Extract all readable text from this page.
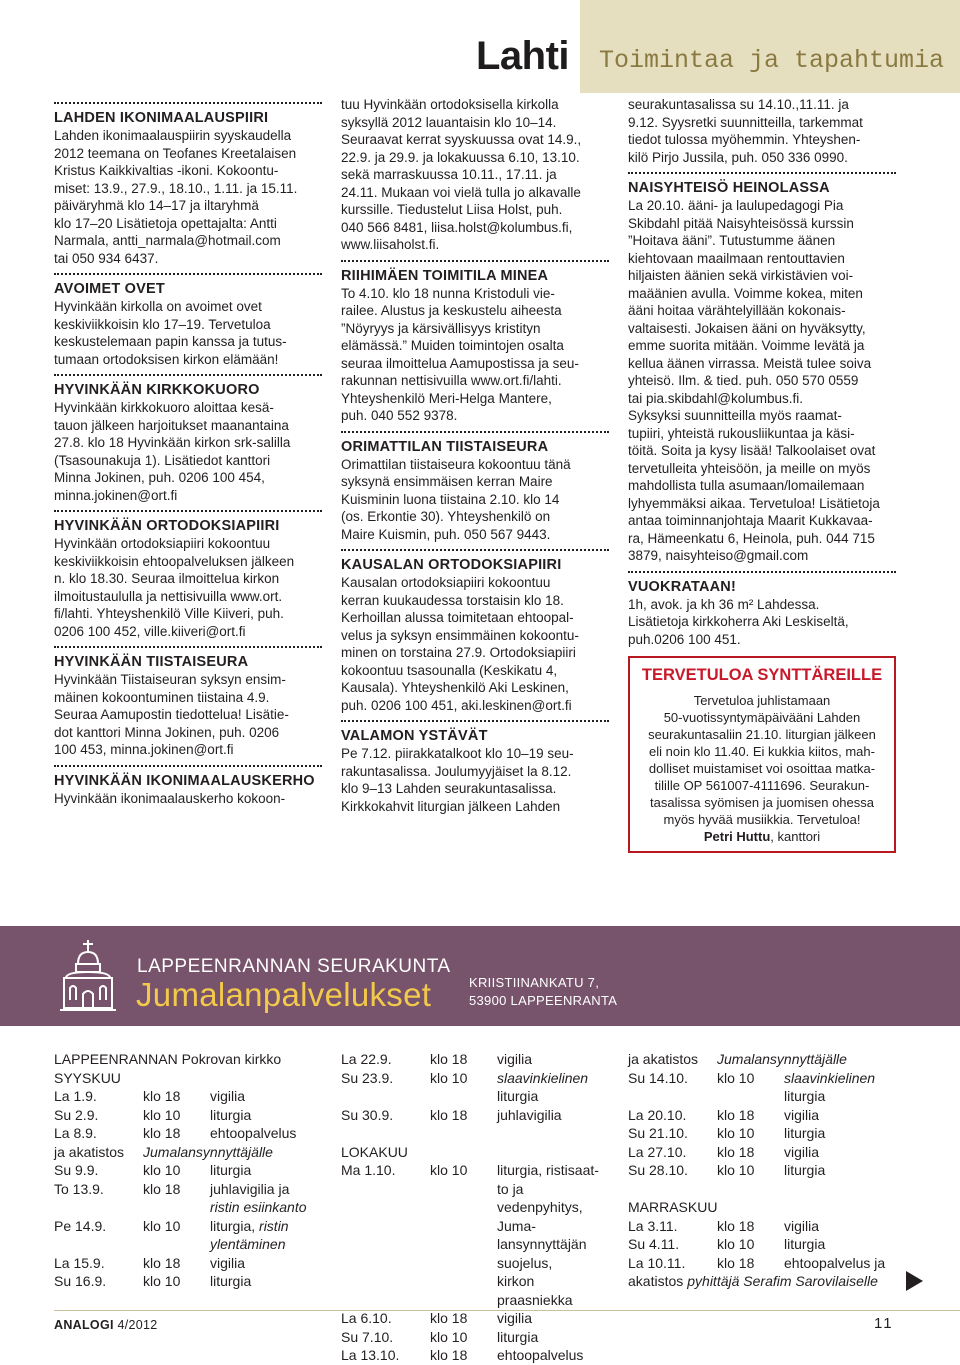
Lahti Toimintaa ja tapahtumia
LAHDEN IKONIMAALAUSPIIRI
Lahden ikonimaalauspiirin syyskaudella
2012 teemana on Teofanes Kreetalaisen
Kristus Kaikkivaltias -ikoni. Kokoontu-
miset: 13.9., 27.9., 18.10., 1.11. ja 15.11.
päiväryhmä klo 14–17 ja iltaryhmä
klo 17–20 Lisätietoja opettajalta: Antti
Narmala, antti_narmala@hotmail.com
tai 050 934 6437.
AVOIMET OVET
Hyvinkään kirkolla on avoimet ovet
keskiviikkoisin klo 17–19. Tervetuloa
keskustelemaan papin kanssa ja tutus-
tumaan ortodoksisen kirkon elämään!
HYVINKÄÄN KIRKKOKUORO
Hyvinkään kirkkokuoro aloittaa kesä-
tauon jälkeen harjoitukset maanantaina
27.8. klo 18 Hyvinkään kirkon srk-salilla
(Tsasounakuja 1). Lisätiedot kanttori
Minna Jokinen, puh. 0206 100 454,
minna.jokinen@ort.fi
HYVINKÄÄN ORTODOKSIAPIIRI
Hyvinkään ortodoksiapiiri kokoontuu
keskiviikkoisin ehtoopalveluksen jälkeen
n. klo 18.30. Seuraa ilmoittelua kirkon
ilmoitustaululla ja nettisivuilla www.ort.
fi/lahti. Yhteyshenkilö Ville Kiiveri, puh.
0206 100 452, ville.kiiveri@ort.fi
HYVINKÄÄN TIISTAISEURA
Hyvinkään Tiistaiseuran syksyn ensim-
mäinen kokoontuminen tiistaina 4.9.
Seuraa Aamupostin tiedottelua! Lisätie-
dot kanttori Minna Jokinen, puh. 0206
100 453, minna.jokinen@ort.fi
HYVINKÄÄN IKONIMAALAUSKERHO
Hyvinkään ikonimaalauskerho kokoon-
tuu Hyvinkään ortodoksisella kirkolla
syksyllä 2012 lauantaisin klo 10–14.
Seuraavat kerrat syyskuussa ovat 14.9.,
22.9. ja 29.9. ja lokakuussa 6.10, 13.10.
sekä marraskuussa 10.11., 17.11. ja
24.11. Mukaan voi vielä tulla jo alkavalle
kurssille. Tiedustelut Liisa Holst, puh.
040 566 8481, liisa.holst@kolumbus.fi,
www.liisaholst.fi.
RIIHIMÄEN TOIMITILA MINEA
To 4.10. klo 18 nunna Kristoduli vie-
railee. Alustus ja keskustelu aiheesta
”Nöyryys ja kärsivällisyys kristityn
elämässä.” Muiden toimintojen osalta
seuraa ilmoittelua Aamupostissa ja seu-
rakunnan nettisivuilla www.ort.fi/lahti.
Yhteyshenkilö Meri-Helga Mantere,
puh. 040 552 9378.
ORIMATTILAN TIISTAISEURA
Orimattilan tiistaiseura kokoontuu tänä
syksynä ensimmäisen kerran Maire
Kuisminin luona tiistaina 2.10. klo 14
(os. Erkontie 30). Yhteyshenkilö on
Maire Kuismin, puh. 050 567 9443.
KAUSALAN ORTODOKSIAPIIRI
Kausalan ortodoksiapiiri kokoontuu
kerran kuukaudessa torstaisin klo 18.
Kerhoillan alussa toimitetaan ehtoopal-
velus ja syksyn ensimmäinen kokoontu-
minen on torstaina 27.9. Ortodoksiapiiri
kokoontuu tsasounalla (Keskikatu 4,
Kausala). Yhteyshenkilö Aki Leskinen,
puh. 0206 100 451, aki.leskinen@ort.fi
VALAMON YSTÄVÄT
Pe 7.12. piirakkatalkoot klo 10–19 seu-
rakuntasalissa. Joulumyyjäiset la 8.12.
klo 9–13 Lahden seurakuntasalissa.
Kirkkokahvit liturgian jälkeen Lahden
seurakuntasalissa su 14.10.,11.11. ja
9.12. Syysretki suunnitteilla, tarkemmat
tiedot tulossa myöhemmin. Yhteyshen-
kilö Pirjo Jussila, puh. 050 336 0990.
NAISYHTEISÖ HEINOLASSA
La 20.10. ääni- ja laulupedagogi Pia
Skibdahl pitää Naisyhteisössä kurssin
”Hoitava ääni”. Tutustumme äänen
kiehtovaan maailmaan rentouttavien
hiljaisten äänien sekä virkistävien voi-
maäänien avulla. Voimme kokea, miten
ääni hoitaa värähtelyillään kokonais-
valtaisesti. Jokaisen ääni on hyväksytty,
emme suorita mitään. Voimme levätä ja
kellua äänen virrassa. Meistä tulee soiva
yhteisö. Ilm. & tied. puh. 050 570 0559
tai pia.skibdahl@kolumbus.fi.
Syksyksi suunnitteilla myös raamat-
tupiiri, yhteistä rukousliikuntaa ja käsi-
töitä. Soita ja kysy lisää! Talkoolaiset ovat
tervetulleita yhteisöön, ja meille on myös
mahdollista tulla asumaan/lomailemaan
lyhyemmäksi aikaa. Tervetuloa! Lisätietoja
antaa toiminnanjohtaja Maarit Kukkavaa-
ra, Hämeenkatu 6, Heinola, puh. 044 715
3879, naisyhteiso@gmail.com
VUOKRATAAN!
1h, avok. ja kh 36 m² Lahdessa.
Lisätietoja kirkkoherra Aki Leskiseltä,
puh.0206 100 451.
TERVETULOA SYNTTÄREILLE
Tervetuloa juhlistamaan
50-vuotissyntymäpäivääni Lahden
seurakuntasaliin 21.10. liturgian jälkeen
eli noin klo 11.40. Ei kukkia kiitos, mah-
dolliset muistamiset voi osoittaa matka-
tilille OP 561007-4111696. Seurakun-
tasalissa syömisen ja juomisen ohessa
myös hyvää musiikkia. Tervetuloa!
Petri Huttu, kanttori
LAPPEENRANNAN SEURAKUNTA
Jumalanpalvelukset	KRIISTIINANKATU 7,
53900 LAPPEENRANTA
LAPPEENRANNAN Pokrovan kirkko
SYYSKUU
La 1.9.	klo 18	vigilia
Su 2.9.	klo 10	liturgia
La 8.9.	klo 18	ehtoopalvelus
ja akatistos	Jumalansynnyttäjälle
Su 9.9.	klo 10	liturgia
To 13.9.	klo 18	juhlavigilia ja
ristin esiinkanto
Pe 14.9.	klo 10	liturgia, ristin
ylentäminen
La 15.9.	klo 18	vigilia
Su 16.9.	klo 10	liturgia
La 22.9.	klo 18	vigilia
Su 23.9.	klo 10	slaavinkielinen
liturgia
Su 30.9.	klo 18	juhlavigilia
LOKAKUU
Ma 1.10.	klo 10	liturgia, ristisaat-
to ja vedenpyhitys, Juma-
lansynnyttäjän suojelus,
kirkon praasniekka
La 6.10.	klo 18	vigilia
Su 7.10.	klo 10	liturgia
La 13.10.	klo 18	ehtoopalvelus
ja akatistos	Jumalansynnyttäjälle
Su 14.10.	klo 10	slaavinkielinen
liturgia
La 20.10.	klo 18	vigilia
Su 21.10.	klo 10	liturgia
La 27.10.	klo 18	vigilia
Su 28.10.	klo 10	liturgia
MARRASKUU
La 3.11.	klo 18	vigilia
Su 4.11.	klo 10	liturgia
La 10.11.	klo 18	ehtoopalvelus ja
akatistos pyhittäjä Serafim Sarovilaiselle
ANALOGI 4/2012	11
